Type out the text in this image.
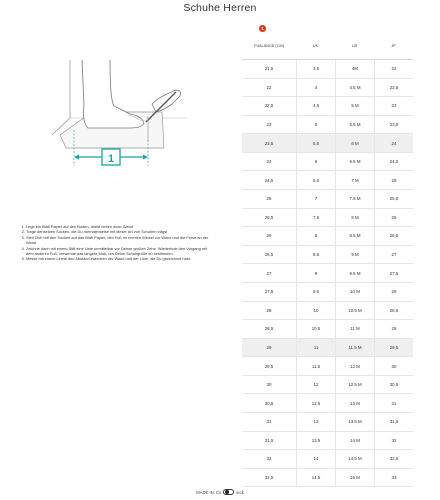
Schuhe Herren
1
1. Lege ein Blatt Papier auf den Boden, direkt neben einer Wand
2. Trage denselben Socken, die Du normalerweise mit dieser Art von Schuhen trägst
3. Stell Dich mit den Socken auf das Blatt Papier, den Fuß im rechten Winkel zur Wand und die Ferse an der Wand
4. Zeichne dann mit einem Stift eine Linie unmittelbar vor Deiner großen Zehe. Wiederhole den Vorgang mit dem anderen Fuß; verwende das längere Maß, um Deine Schuhgröße zu bestimmen.
5. Messe mit einem Lineal den Abstand zwischen der Wand und der Linie, die Du gezeichnet hast.
1
FUßLÄNGE (CM)	UK	US	JP
21,5	3.5	4M	22
22	4	4.5 M	22,5
22,5	4.5	5 M	23
23	5	5.5 M	23,5
23,5	5.5	6 M	24
24	6	6.5 M	24,5
24,5	6.5	7 M	25
25	7	7.5 M	25,5
25,5	7.5	8 M	26
26	8	8.5 M	26,5
26,5	8.5	9 M	27
27	9	9.5 M	27,5
27,5	9.5	10 M	28
28	10	10.5 M	28,5
28,5	10.5	11 M	29
29	11	11.5 M	29,5
29,5	11.5	12 M	30
30	12	12.5 M	30,5
30,5	12.5	13 M	31
31	13	13.5 M	31,5
31,5	13.5	14 M	32
32	14	14.5 M	32,5
32,5	14.5	15 M	33
MADE IN: Co	ieck
